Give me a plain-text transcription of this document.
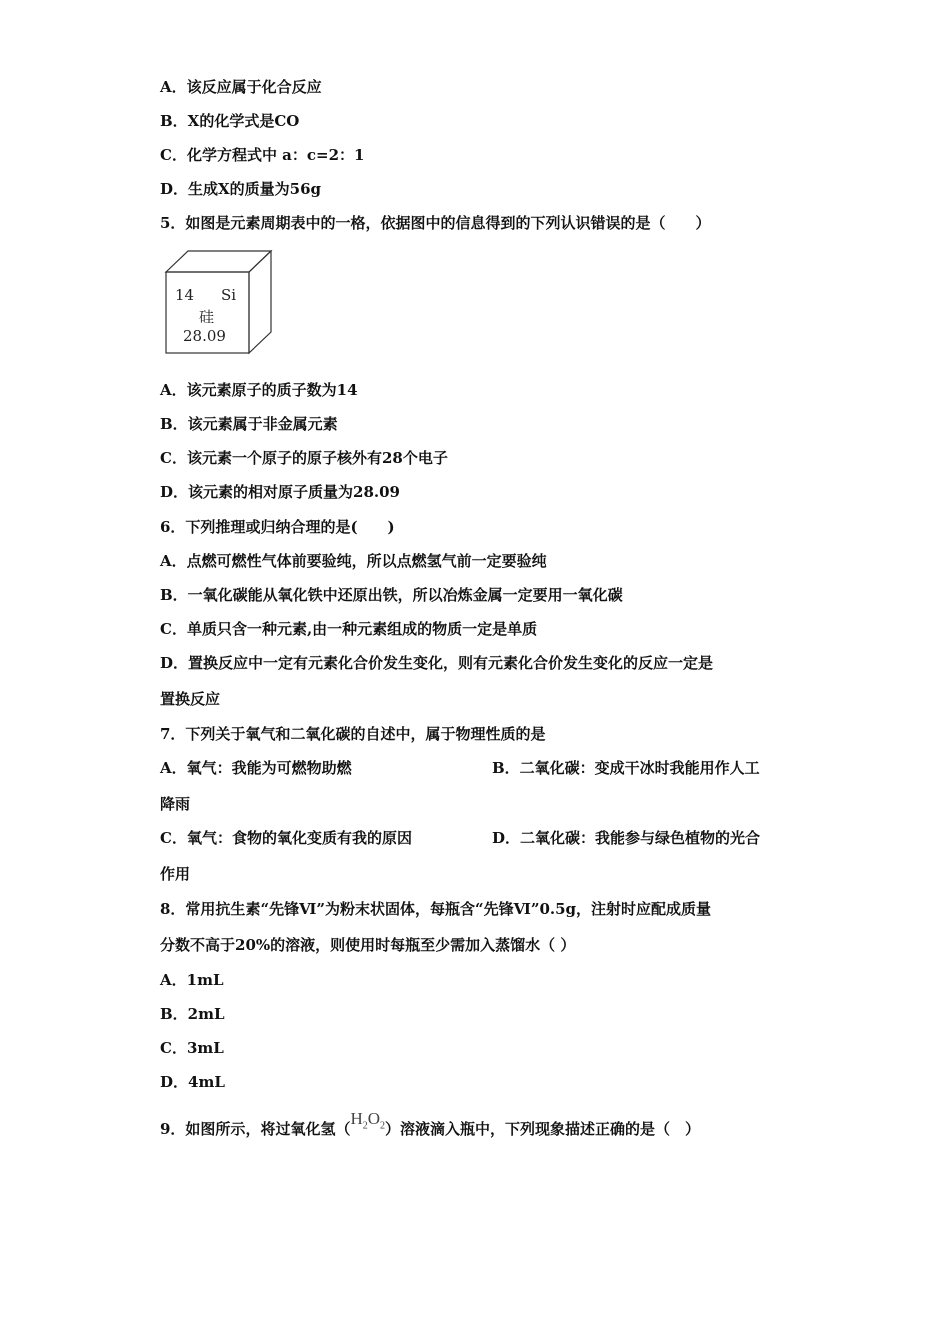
A．该反应属于化合反应
B．X的化学式是CO
C．化学方程式中 a：c=2：1
D．生成X的质量为56g
5．如图是元素周期表中的一格，依据图中的信息得到的下列认识错误的是（　　）
14 Si
硅
28.09
A．该元素原子的质子数为14
B．该元素属于非金属元素
C．该元素一个原子的原子核外有28个电子
D．该元素的相对原子质量为28.09
6．下列推理或归纳合理的是(　　)
A．点燃可燃性气体前要验纯，所以点燃氢气前一定要验纯
B．一氧化碳能从氧化铁中还原出铁，所以冶炼金属一定要用一氧化碳
C．单质只含一种元素,由一种元素组成的物质一定是单质
D．置换反应中一定有元素化合价发生变化，则有元素化合价发生变化的反应一定是
置换反应
7．下列关于氧气和二氧化碳的自述中，属于物理性质的是
A．氧气：我能为可燃物助燃	B．二氧化碳：变成干冰时我能用作人工
降雨
C．氧气：食物的氧化变质有我的原因	D．二氧化碳：我能参与绿色植物的光合
作用
8．常用抗生素“先锋Ⅵ”为粉末状固体，每瓶含“先锋Ⅵ”0.5g，注射时应配成质量
分数不高于20%的溶液，则使用时每瓶至少需加入蒸馏水（ ）
A．1mL
B．2mL
C．3mL
D．4mL
9．如图所示，将过氧化氢$(H_2O_2)$溶液滴入瓶中，下列现象描述正确的是（　）
